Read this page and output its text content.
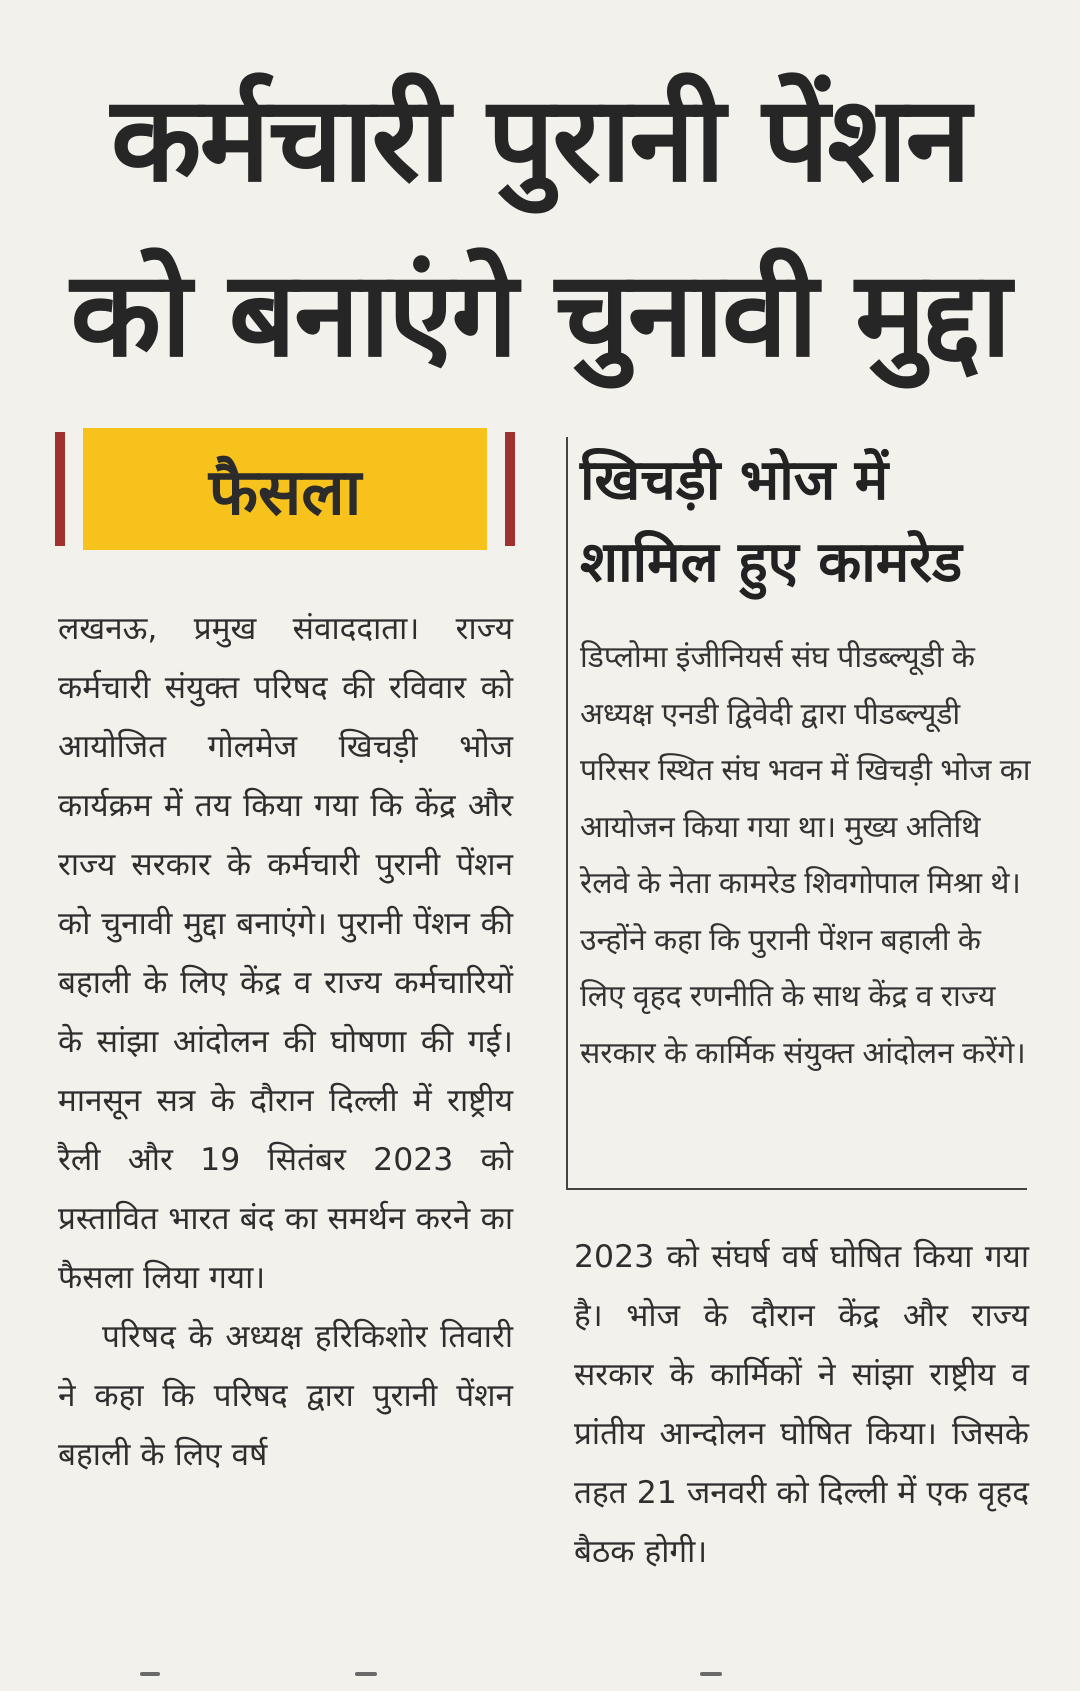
कर्मचारी पुरानी पेंशन
को बनाएंगे चुनावी मुद्दा
फैसला

लखनऊ, प्रमुख संवाददाता। राज्य कर्मचारी संयुक्त परिषद की रविवार को आयोजित गोलमेज खिचड़ी भोज कार्यक्रम में तय किया गया कि केंद्र और राज्य सरकार के कर्मचारी पुरानी पेंशन को चुनावी मुद्दा बनाएंगे। पुरानी पेंशन की बहाली के लिए केंद्र व राज्य कर्मचारियों के सांझा आंदोलन की घोषणा की गई। मानसून सत्र के दौरान दिल्ली में राष्ट्रीय रैली और 19 सितंबर 2023 को प्रस्तावित भारत बंद का समर्थन करने का फैसला लिया गया।

परिषद के अध्यक्ष हरिकिशोर तिवारी ने कहा कि परिषद द्वारा पुरानी पेंशन बहाली के लिए वर्ष

खिचड़ी भोज में
शामिल हुए कामरेड

डिप्लोमा इंजीनियर्स संघ पीडब्ल्यूडी के अध्यक्ष एनडी द्विवेदी द्वारा पीडब्ल्यूडी परिसर स्थित संघ भवन में खिचड़ी भोज का आयोजन किया गया था। मुख्य अतिथि रेलवे के नेता कामरेड शिवगोपाल मिश्रा थे। उन्होंने कहा कि पुरानी पेंशन बहाली के लिए वृहद रणनीति के साथ केंद्र व राज्य सरकार के कार्मिक संयुक्त आंदोलन करेंगे।

2023 को संघर्ष वर्ष घोषित किया गया है। भोज के दौरान केंद्र और राज्य सरकार के कार्मिकों ने सांझा राष्ट्रीय व प्रांतीय आन्दोलन घोषित किया। जिसके तहत 21 जनवरी को दिल्ली में एक वृहद बैठक होगी।
